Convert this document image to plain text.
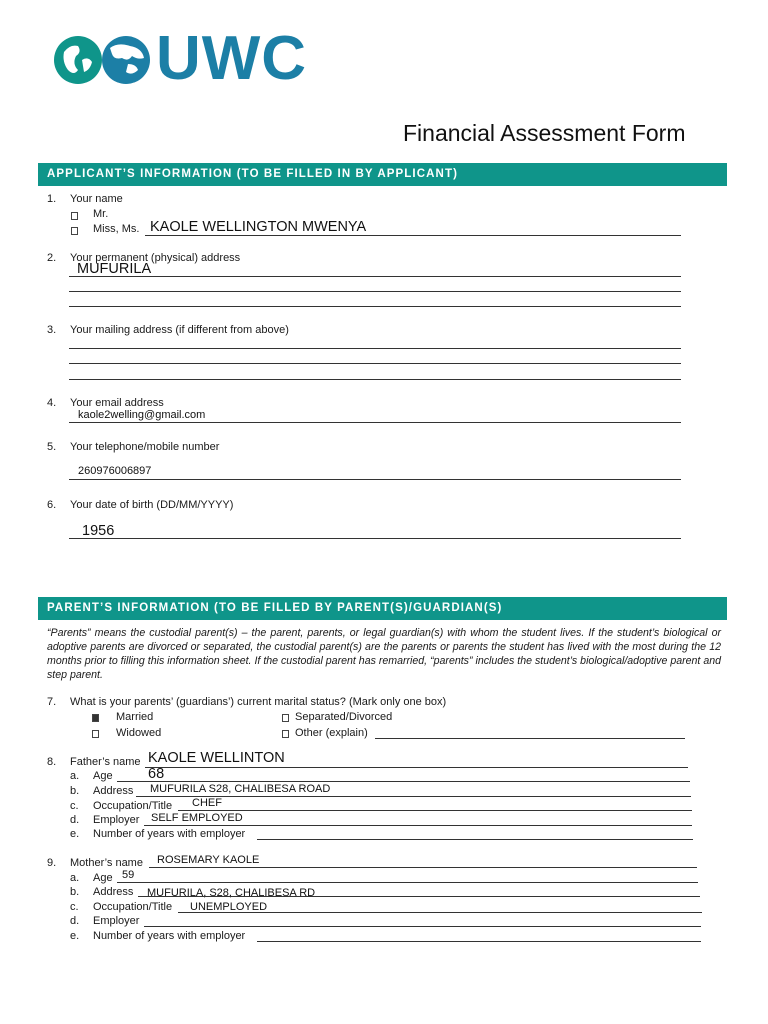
UWC
Financial Assessment Form
APPLICANT’S INFORMATION (TO BE FILLED IN BY APPLICANT)
1. Your name
Mr.
Miss, Ms. KAOLE WELLINGTON MWENYA
2. Your permanent (physical) address
MUFURILA
3. Your mailing address (if different from above)
4. Your email address
kaole2welling@gmail.com
5. Your telephone/mobile number
260976006897
6. Your date of birth (DD/MM/YYYY)
1956
PARENT’S INFORMATION (TO BE FILLED BY PARENT(S)/GUARDIAN(S)
“Parents” means the custodial parent(s) – the parent, parents, or legal guardian(s) with whom the student lives. If the student’s biological or adoptive parents are divorced or separated, the custodial parent(s) are the parents or parents the student has lived with the most during the 12 months prior to filling this information sheet. If the custodial parent has remarried, “parents” includes the student’s biological/adoptive parent and step parent.
7. What is your parents’ (guardians’) current marital status? (Mark only one box)
Married
Widowed
Separated/Divorced
Other (explain)
8. Father’s name KAOLE WELLINTON
a. Age 68
b. Address MUFURILA S28, CHALIBESA ROAD
c. Occupation/Title CHEF
d. Employer SELF EMPLOYED
e. Number of years with employer
9. Mother’s name ROSEMARY KAOLE
a. Age 59
b. Address MUFURILA, S28, CHALIBESA RD
c. Occupation/Title UNEMPLOYED
d. Employer
e. Number of years with employer
